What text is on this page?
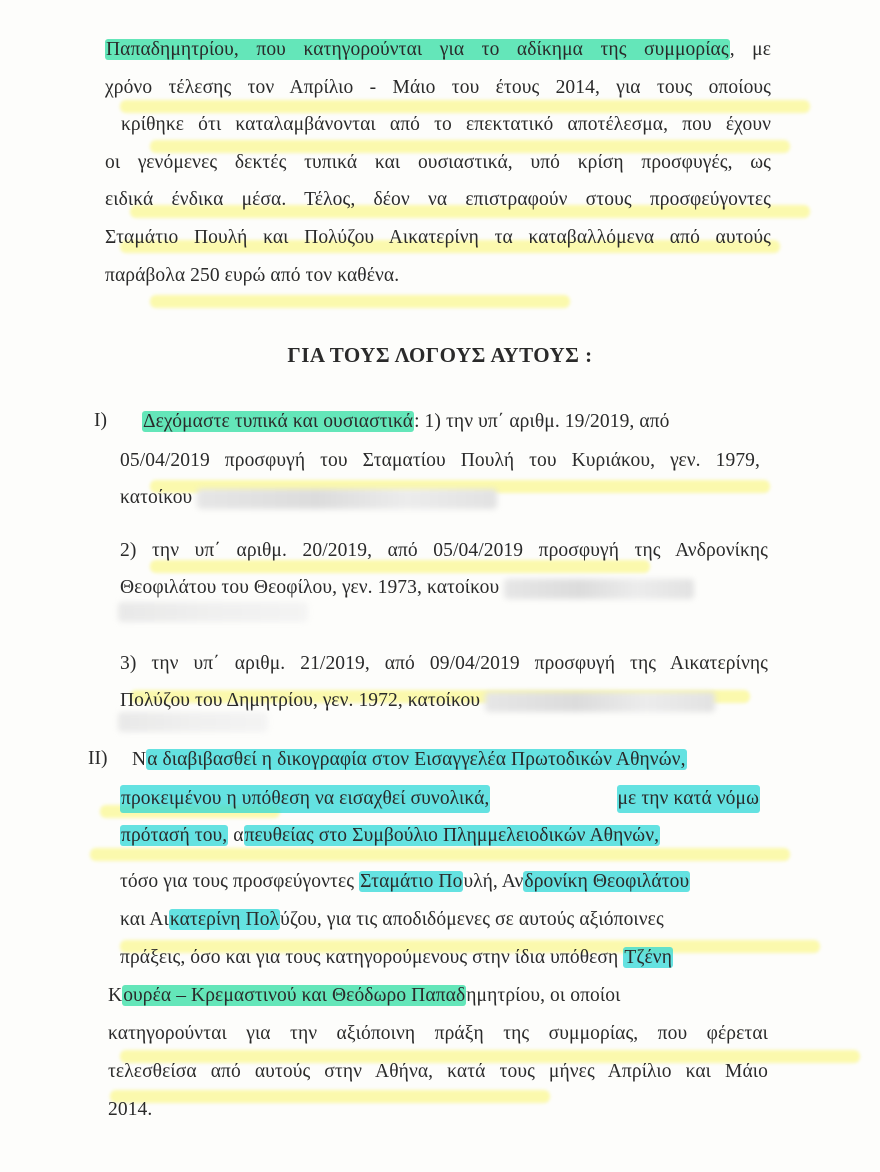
Παπαδημητρίου, που κατηγορούνται για το αδίκημα της συμμορίας, με
χρόνο τέλεσης τον Απρίλιο - Μάιο του έτους 2014, για τους οποίους
κρίθηκε ότι καταλαμβάνονται από το επεκτατικό αποτέλεσμα, που έχουν
οι γενόμενες δεκτές τυπικά και ουσιαστικά, υπό κρίση προσφυγές, ως
ειδικά ένδικα μέσα. Τέλος, δέον να επιστραφούν στους προσφεύγοντες
Σταμάτιο Πουλή και Πολύζου Αικατερίνη τα καταβαλλόμενα από αυτούς
παράβολα 250 ευρώ από τον καθένα.
ΓΙΑ ΤΟΥΣ ΛΟΓΟΥΣ ΑΥΤΟΥΣ :
I) Δεχόμαστε τυπικά και ουσιαστικά: 1) την υπ΄ αριθμ. 19/2019, από
05/04/2019 προσφυγή του Σταματίου Πουλή του Κυριάκου, γεν. 1979,
κατοίκου
2) την υπ΄ αριθμ. 20/2019, από 05/04/2019 προσφυγή της Ανδρονίκης
Θεοφιλάτου του Θεοφίλου, γεν. 1973, κατοίκου
3) την υπ΄ αριθμ. 21/2019, από 09/04/2019 προσφυγή της Αικατερίνης
Πολύζου του Δημητρίου, γεν. 1972, κατοίκου
II) Να διαβιβασθεί η δικογραφία στον Εισαγγελέα Πρωτοδικών Αθηνών,
προκειμένου η υπόθεση να εισαχθεί συνολικά,	με την κατά νόμω
πρότασή του, απευθείας στο Συμβούλιο Πλημμελειοδικών Αθηνών,
τόσο για τους προσφεύγοντες Σταμάτιο Πουλή, Ανδρονίκη Θεοφιλάτου
και Αικατερίνη Πολύζου, για τις αποδιδόμενες σε αυτούς αξιόποινες
πράξεις, όσο και για τους κατηγορούμενους στην ίδια υπόθεση Τζένη
Κουρέα – Κρεμαστινού και Θεόδωρο Παπαδημητρίου, οι οποίοι
κατηγορούνται για την αξιόποινη πράξη της συμμορίας, που φέρεται
τελεσθείσα από αυτούς στην Αθήνα, κατά τους μήνες Απρίλιο και Μάιο
2014.
